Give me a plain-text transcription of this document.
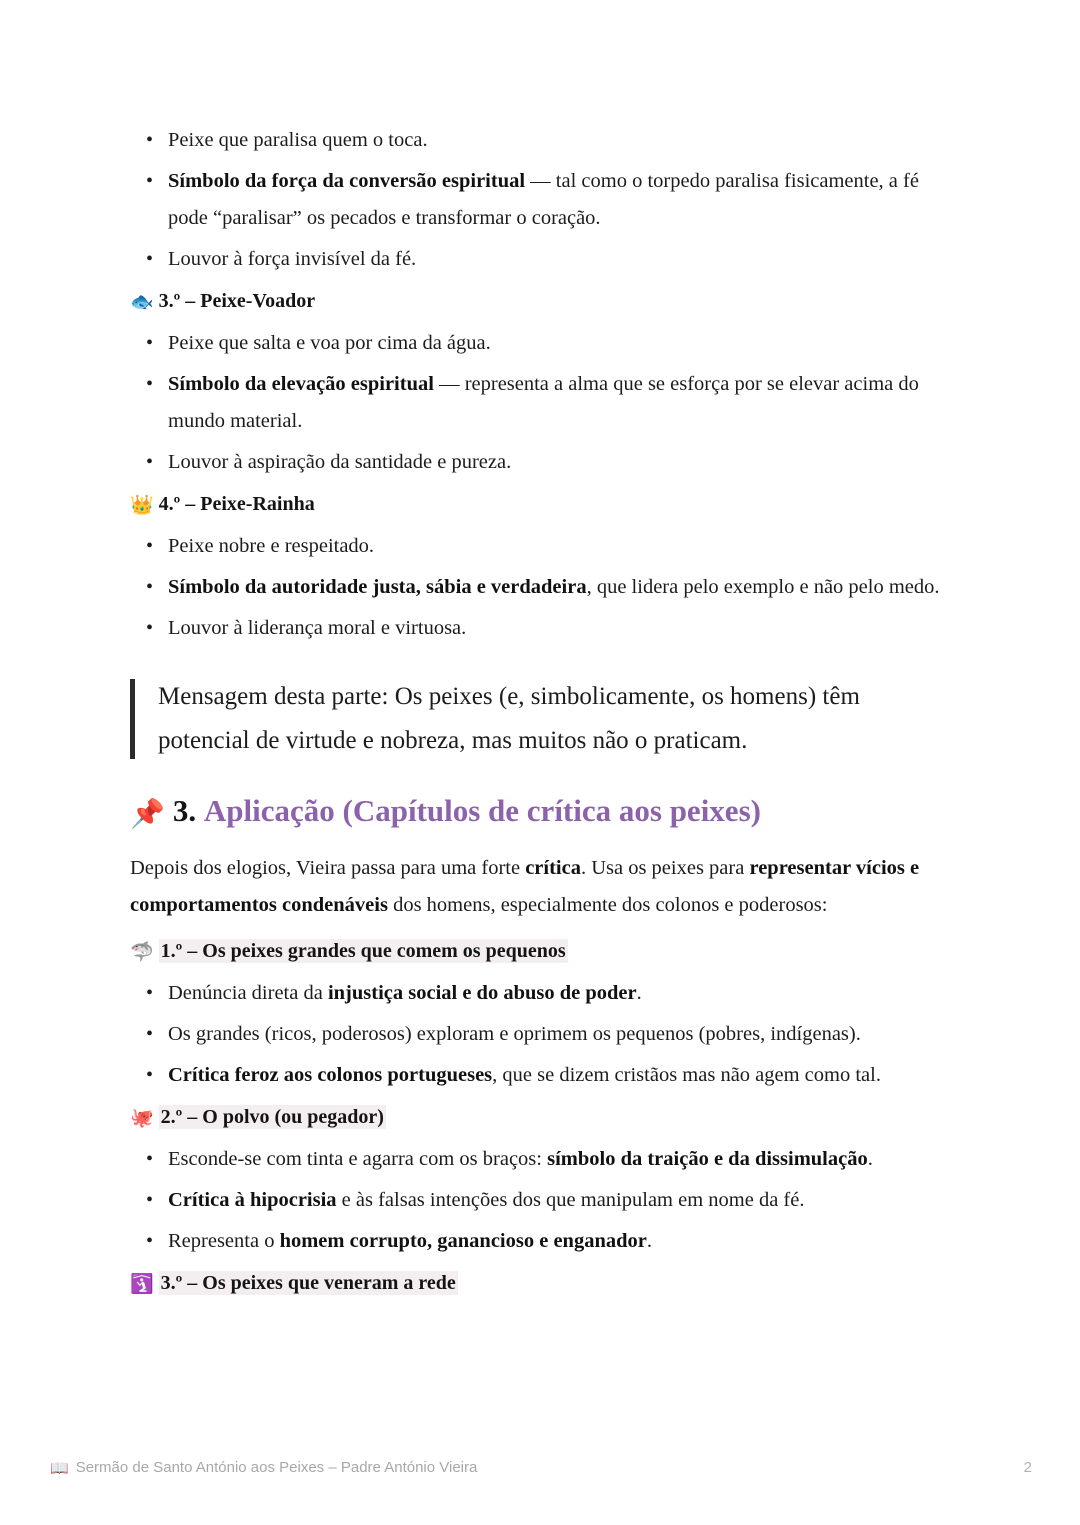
• Peixe que paralisa quem o toca.
• Símbolo da força da conversão espiritual — tal como o torpedo paralisa fisicamente, a fé pode “paralisar” os pecados e transformar o coração.
• Louvor à força invisível da fé.
🐟 3.º – Peixe-Voador
• Peixe que salta e voa por cima da água.
• Símbolo da elevação espiritual — representa a alma que se esforça por se elevar acima do mundo material.
• Louvor à aspiração da santidade e pureza.
👑 4.º – Peixe-Rainha
• Peixe nobre e respeitado.
• Símbolo da autoridade justa, sábia e verdadeira, que lidera pelo exemplo e não pelo medo.
• Louvor à liderança moral e virtuosa.
Mensagem desta parte: Os peixes (e, simbolicamente, os homens) têm potencial de virtude e nobreza, mas muitos não o praticam.
📌 3. Aplicação (Capítulos de crítica aos peixes)

Depois dos elogios, Vieira passa para uma forte crítica. Usa os peixes para representar vícios e comportamentos condenáveis dos homens, especialmente dos colonos e poderosos:

🦈 1.º – Os peixes grandes que comem os pequenos
• Denúncia direta da injustiça social e do abuso de poder.
• Os grandes (ricos, poderosos) exploram e oprimem os pequenos (pobres, indígenas).
• Crítica feroz aos colonos portugueses, que se dizem cristãos mas não agem como tal.
🐙 2.º – O polvo (ou pegador)
• Esconde-se com tinta e agarra com os braços: símbolo da traição e da dissimulação.
• Crítica à hipocrisia e às falsas intenções dos que manipulam em nome da fé.
• Representa o homem corrupto, ganancioso e enganador.
🛐 3.º – Os peixes que veneram a rede
📖 Sermão de Santo António aos Peixes – Padre António Vieira	2
